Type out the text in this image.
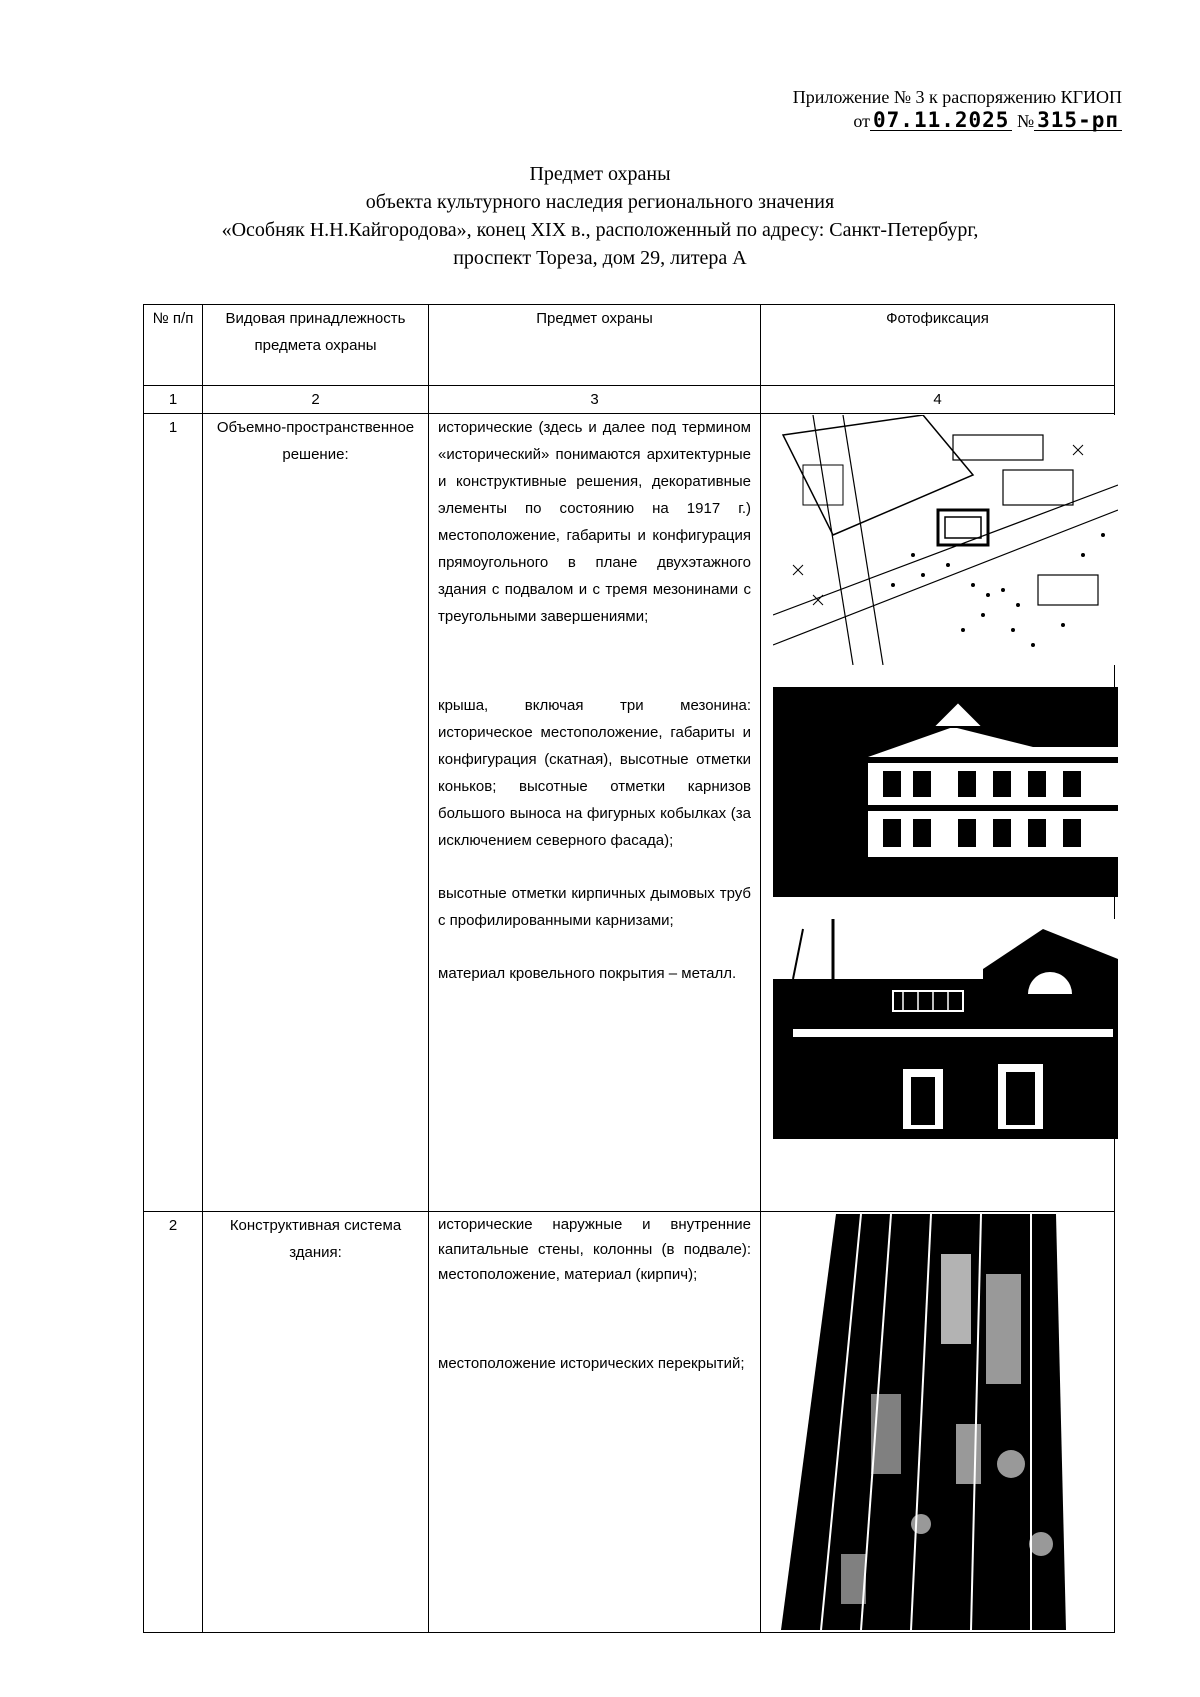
Приложение № 3 к распоряжению КГИОП
от 07.11.2025 № 315-рп
Предмет охраны
объекта культурного наследия регионального значения
«Особняк Н.Н.Кайгородова», конец XIX в., расположенный по адресу: Санкт-Петербург,
проспект Тореза, дом 29, литера А
№ п/п	Видовая принадлежность предмета охраны	Предмет охраны	Фотофиксация
1	2	3	4
1	Объемно-пространственное решение:	исторические (здесь и далее под термином «исторический» понимаются архитектурные и конструктивные решения, декоративные элементы по состоянию на 1917 г.) местоположение, габариты и конфигурация прямоугольного в плане двухэтажного здания с подвалом и с тремя мезонинами с треугольными завершениями;

крыша, включая три мезонина: историческое местоположение, габариты и конфигурация (скатная), высотные отметки коньков; высотные отметки карнизов большого выноса на фигурных кобылках (за исключением северного фасада);

высотные отметки кирпичных дымовых труб с профилированными карнизами;

материал кровельного покрытия – металл.

2	Конструктивная система здания:	исторические наружные и внутренние капитальные стены, колонны (в подвале): местоположение, материал (кирпич);

местоположение исторических перекрытий;
